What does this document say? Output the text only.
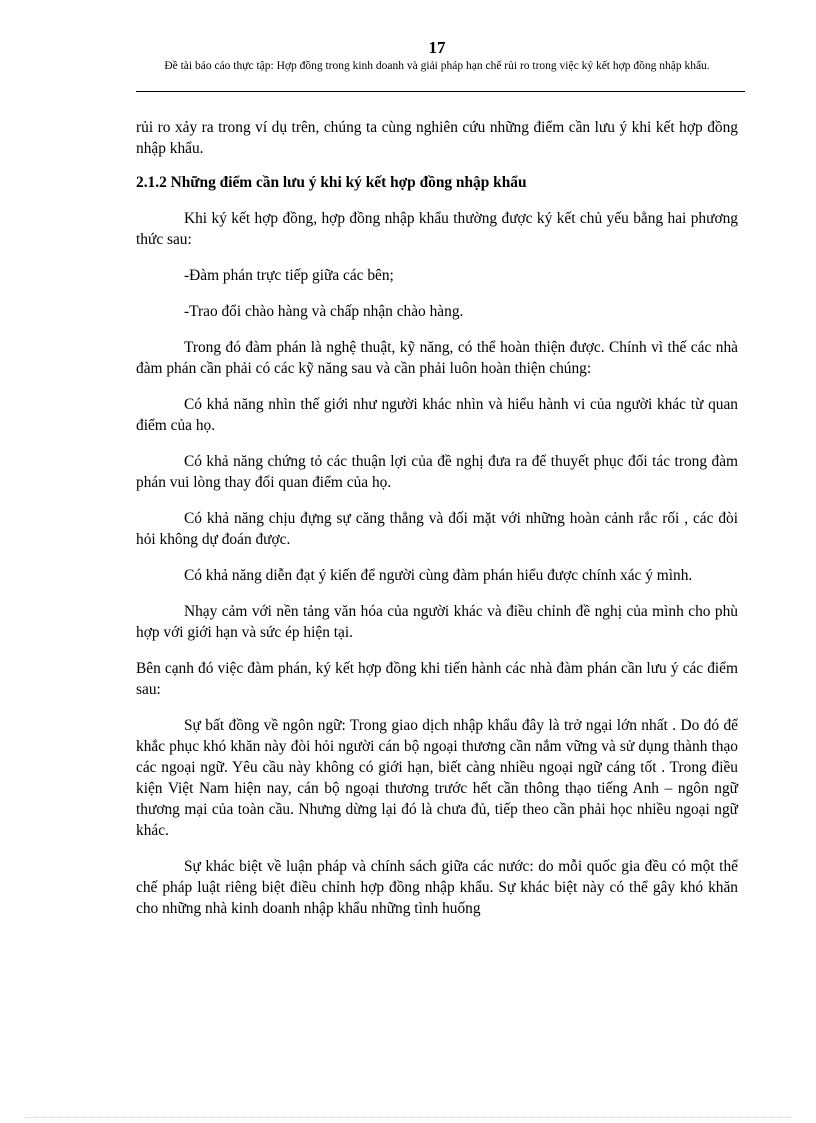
17
Đề tài báo cáo thực tập: Hợp đồng trong kinh doanh và giải pháp hạn chế rủi ro trong việc ký kết hợp đồng nhập khẩu.

rủi ro xảy ra trong ví dụ trên, chúng ta cùng nghiên cứu những điểm cần lưu ý khi kết hợp đồng nhập khẩu.

2.1.2 Những điểm cần lưu ý khi ký kết hợp đồng nhập khẩu

Khi ký kết hợp đồng, hợp đồng nhập khẩu thường được ký kết chủ yếu bằng hai phương thức sau:

-Đàm phán trực tiếp giữa các bên;

-Trao đổi chào hàng và chấp nhận chào hàng.

Trong đó đàm phán là nghệ thuật, kỹ năng, có thể hoàn thiện được. Chính vì thế các nhà đàm phán cần phải có các kỹ năng sau và cần phải luôn hoàn thiện chúng:

Có khả năng nhìn thế giới như người khác nhìn và hiểu hành vi của người khác từ quan điểm của họ.

Có khả năng chứng tỏ các thuận lợi của đề nghị đưa ra để thuyết phục đối tác trong đàm phán vui lòng thay đổi quan điểm của họ.

Có khả năng chịu đựng sự căng thẳng và đối mặt với những hoàn cảnh rắc rối , các đòi hỏi không dự đoán được.

Có khả năng diễn đạt ý kiến để người cùng đàm phán hiểu được chính xác ý mình.

Nhạy cảm với nền tảng văn hóa của người khác và điều chỉnh đề nghị của mình cho phù hợp với giới hạn và sức ép hiện tại.

Bên cạnh đó việc đàm phán, ký kết hợp đồng khi tiến hành các nhà đàm phán cần lưu ý các điểm sau:

Sự bất đồng về ngôn ngữ: Trong giao dịch nhập khẩu đây là trở ngại lớn nhất . Do đó để khắc phục khó khăn này đòi hỏi người cán bộ ngoại thương cần nắm vững và sử dụng thành thạo các ngoại ngữ. Yêu cầu này không có giới hạn, biết càng nhiều ngoại ngữ cáng tốt . Trong điều kiện Việt Nam hiện nay, cán bộ ngoại thương trước hết cần thông thạo tiếng Anh – ngôn ngữ thương mại của toàn cầu. Nhưng dừng lại đó là chưa đủ, tiếp theo cần phải học nhiều ngoại ngữ khác.

Sự khác biệt về luận pháp và chính sách giữa các nước: do mỗi quốc gia đều có một thể chế pháp luật riêng biệt điều chỉnh hợp đồng nhập khẩu. Sự khác biệt này có thể gây khó khăn cho những nhà kinh doanh nhập khẩu những tình huống
